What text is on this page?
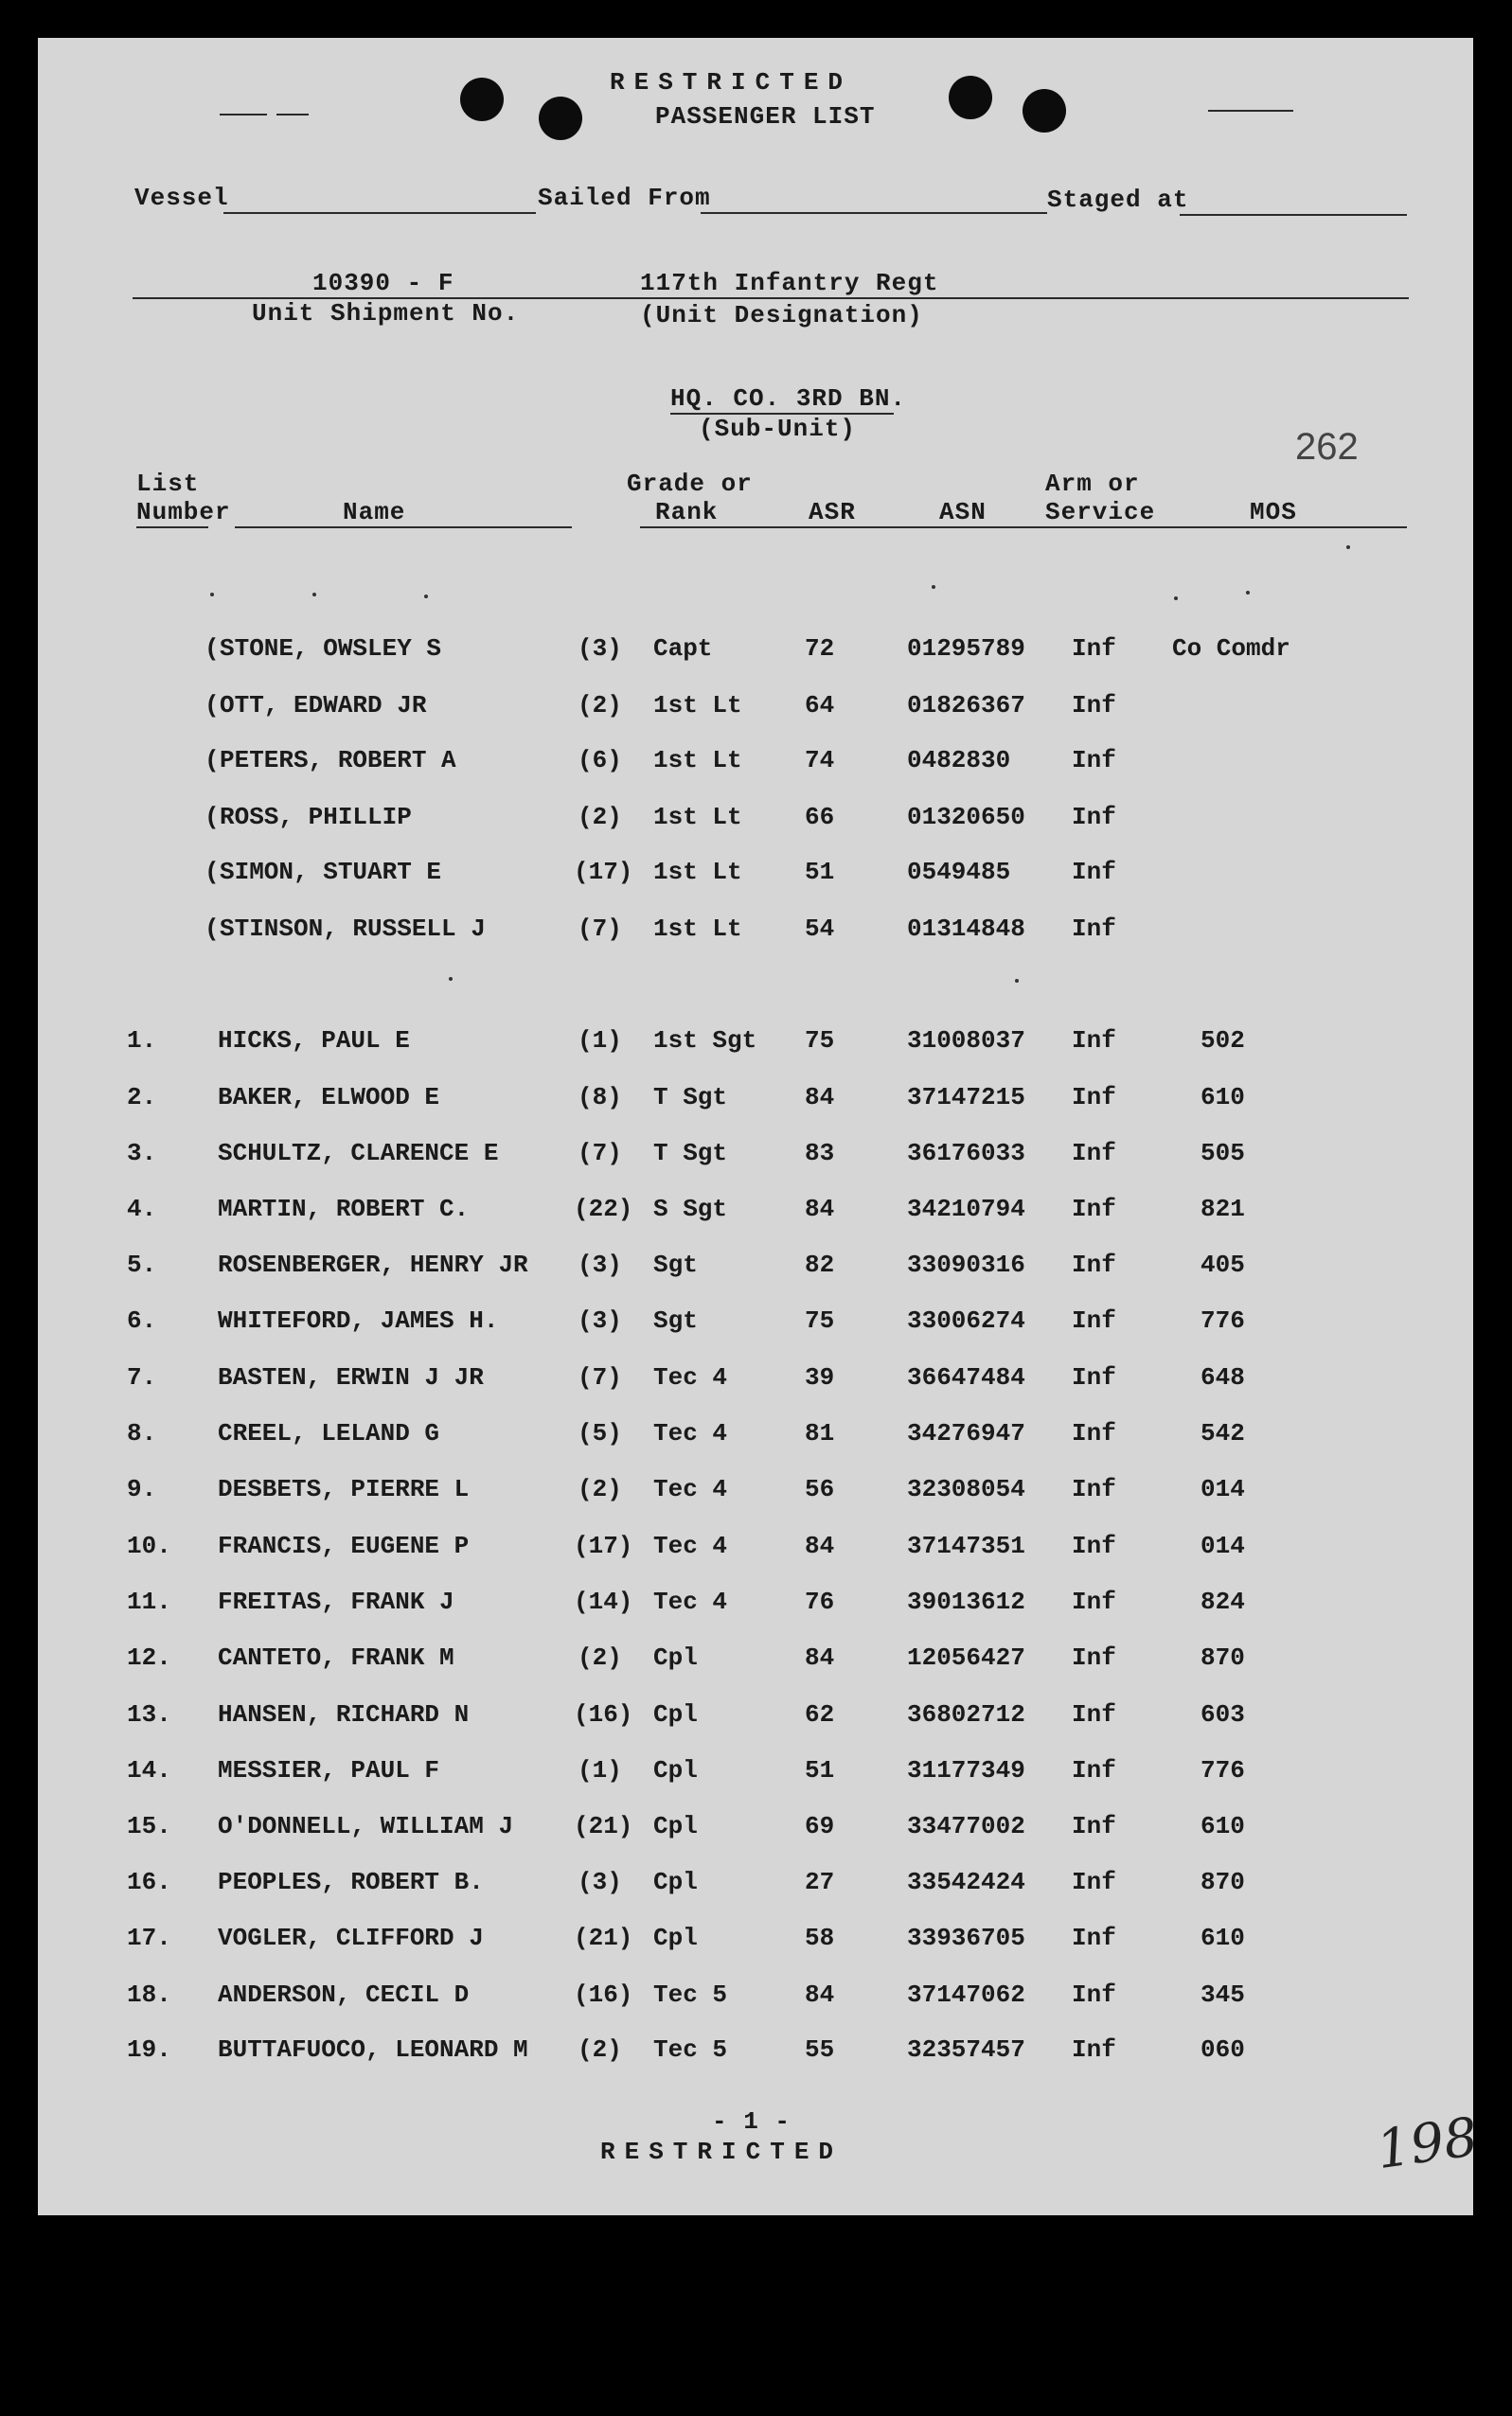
RESTRICTED
PASSENGER LIST
Vessel	Sailed From	Staged at
10390 - F	117th Infantry Regt
Unit Shipment No.	(Unit Designation)
HQ. CO. 3RD BN.
(Sub-Unit)	262
List
Number	Name
Grade or
Rank	ASR	ASN
Arm or
Service	MOS
( STONE, OWSLEY S	(3) Capt	72	01295789 Inf Co Comdr
( OTT, EDWARD JR	(2) 1st Lt	64	01826367 Inf
( PETERS, ROBERT A	(6) 1st Lt	74	0482830 Inf
( ROSS, PHILLIP	(2) 1st Lt	66	01320650 Inf
( SIMON, STUART E	(17) 1st Lt	51	0549485 Inf
( STINSON, RUSSELL J	(7) 1st Lt	54	01314848 Inf
1.	HICKS, PAUL E	(1) 1st Sgt 75	31008037 Inf	502
2.	BAKER, ELWOOD E	(8) T Sgt	84	37147215 Inf	610
3.	SCHULTZ, CLARENCE E	(7) T Sgt	83	36176033 Inf	505
4.	MARTIN, ROBERT C.	(22) S Sgt	84	34210794 Inf	821
5.	ROSENBERGER, HENRY JR (3) Sgt	82	33090316 Inf	405
6.	WHITEFORD, JAMES H.	(3) Sgt	75	33006274 Inf	776
7.	BASTEN, ERWIN J JR	(7) Tec 4	39	36647484 Inf	648
8.	CREEL, LELAND G	(5) Tec 4	81	34276947 Inf	542
9.	DESBETS, PIERRE L	(2) Tec 4	56	32308054 Inf	014
10.	FRANCIS, EUGENE P	(17) Tec 4	84	37147351 Inf	014
11.	FREITAS, FRANK J	(14) Tec 4	76	39013612 Inf	824
12.	CANTETO, FRANK M	(2) Cpl	84	12056427 Inf	870
13.	HANSEN, RICHARD N	(16) Cpl	62	36802712 Inf	603
14.	MESSIER, PAUL F	(1) Cpl	51	31177349 Inf	776
15.	O'DONNELL, WILLIAM J (21) Cpl	69	33477002 Inf	610
16.	PEOPLES, ROBERT B.	(3) Cpl	27	33542424 Inf	870
17.	VOGLER, CLIFFORD J	(21) Cpl	58	33936705 Inf	610
18.	ANDERSON, CECIL D	(16) Tec 5	84	37147062 Inf	345
19.	BUTTAFUOCO, LEONARD M (2) Tec 5	55	32357457 Inf	060
- 1 -
RESTRICTED	198
